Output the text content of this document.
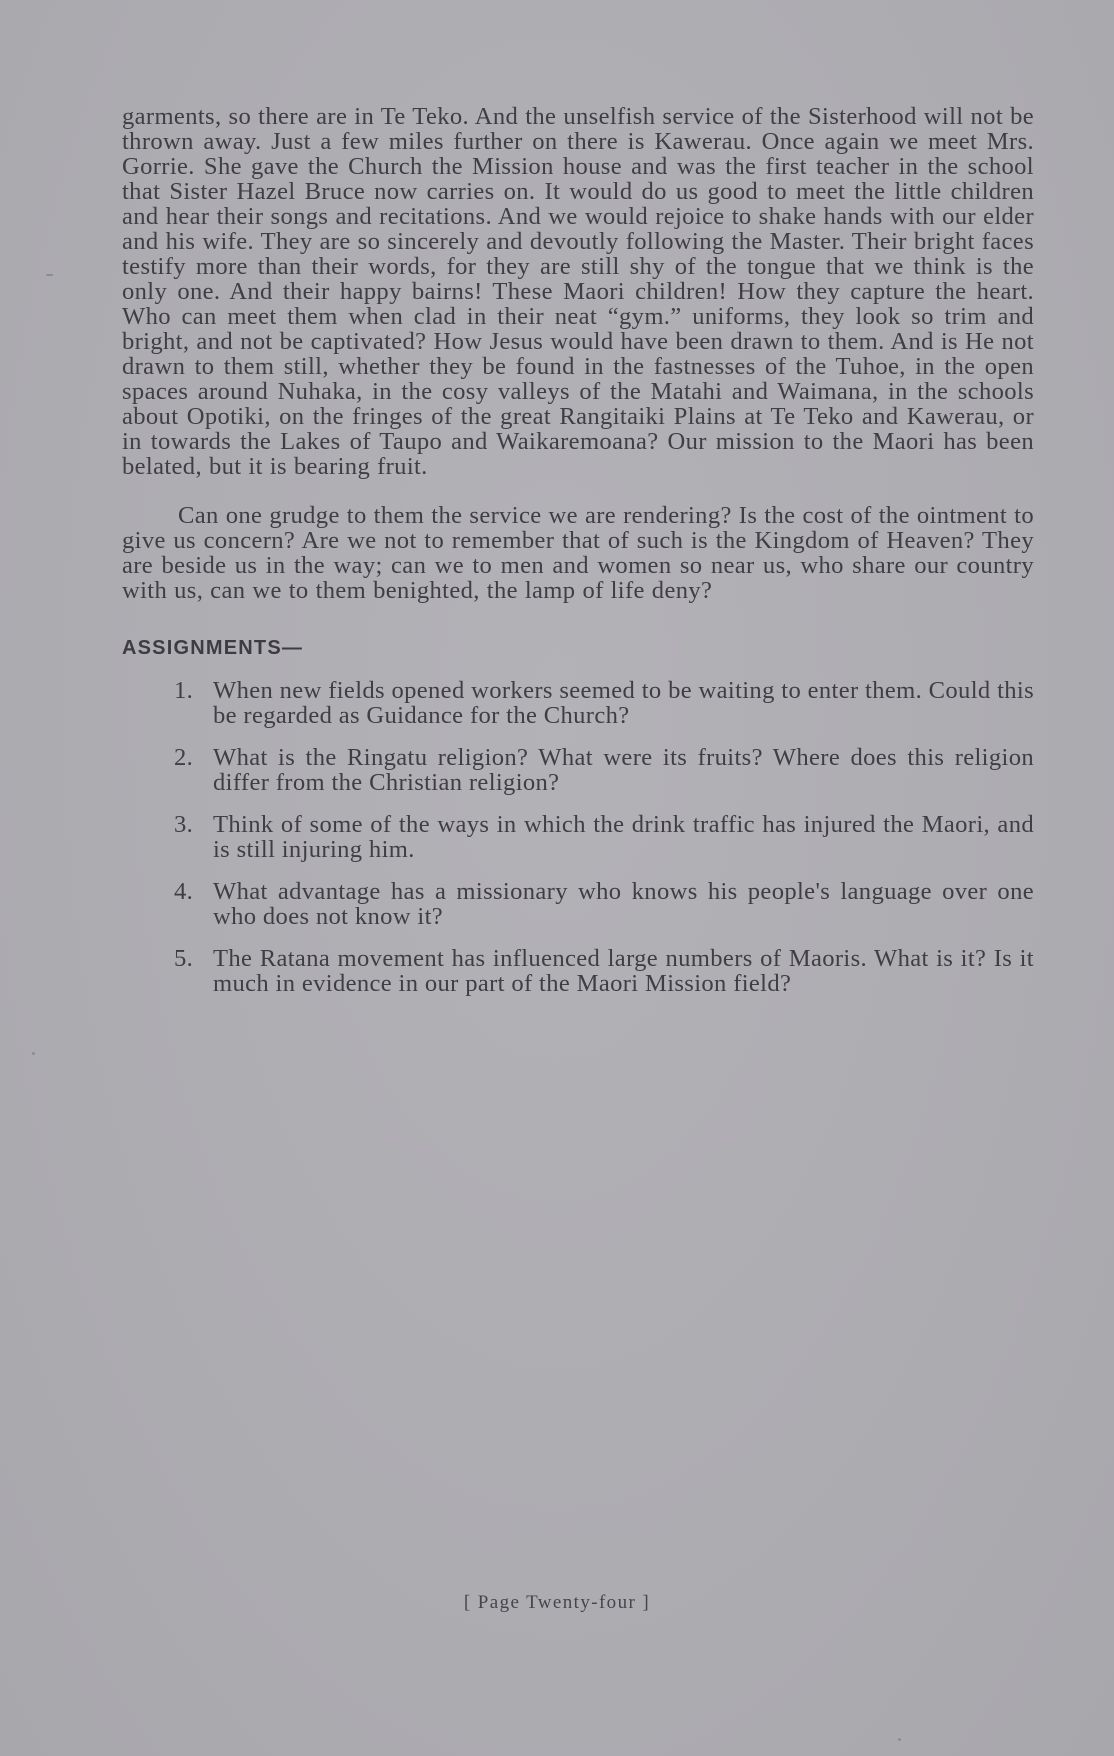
garments, so there are in Te Teko. And the unselfish service of the Sisterhood will not be thrown away. Just a few miles further on there is Kawerau. Once again we meet Mrs. Gorrie. She gave the Church the Mission house and was the first teacher in the school that Sister Hazel Bruce now carries on. It would do us good to meet the little children and hear their songs and recitations. And we would rejoice to shake hands with our elder and his wife. They are so sincerely and devoutly following the Master. Their bright faces testify more than their words, for they are still shy of the tongue that we think is the only one. And their happy bairns! These Maori children! How they capture the heart. Who can meet them when clad in their neat “gym.” uniforms, they look so trim and bright, and not be captivated? How Jesus would have been drawn to them. And is He not drawn to them still, whether they be found in the fastnesses of the Tuhoe, in the open spaces around Nuhaka, in the cosy valleys of the Matahi and Waimana, in the schools about Opotiki, on the fringes of the great Rangitaiki Plains at Te Teko and Kawerau, or in towards the Lakes of Taupo and Waikaremoana? Our mission to the Maori has been belated, but it is bearing fruit.

Can one grudge to them the service we are rendering? Is the cost of the ointment to give us concern? Are we not to remember that of such is the Kingdom of Heaven? They are beside us in the way; can we to men and women so near us, who share our country with us, can we to them benighted, the lamp of life deny?

ASSIGNMENTS—
1. When new fields opened workers seemed to be waiting to enter them. Could this be regarded as Guidance for the Church?
2. What is the Ringatu religion? What were its fruits? Where does this religion differ from the Christian religion?
3. Think of some of the ways in which the drink traffic has injured the Maori, and is still injuring him.
4. What advantage has a missionary who knows his people's language over one who does not know it?
5. The Ratana movement has influenced large numbers of Maoris. What is it? Is it much in evidence in our part of the Maori Mission field?
[ Page Twenty-four ]
